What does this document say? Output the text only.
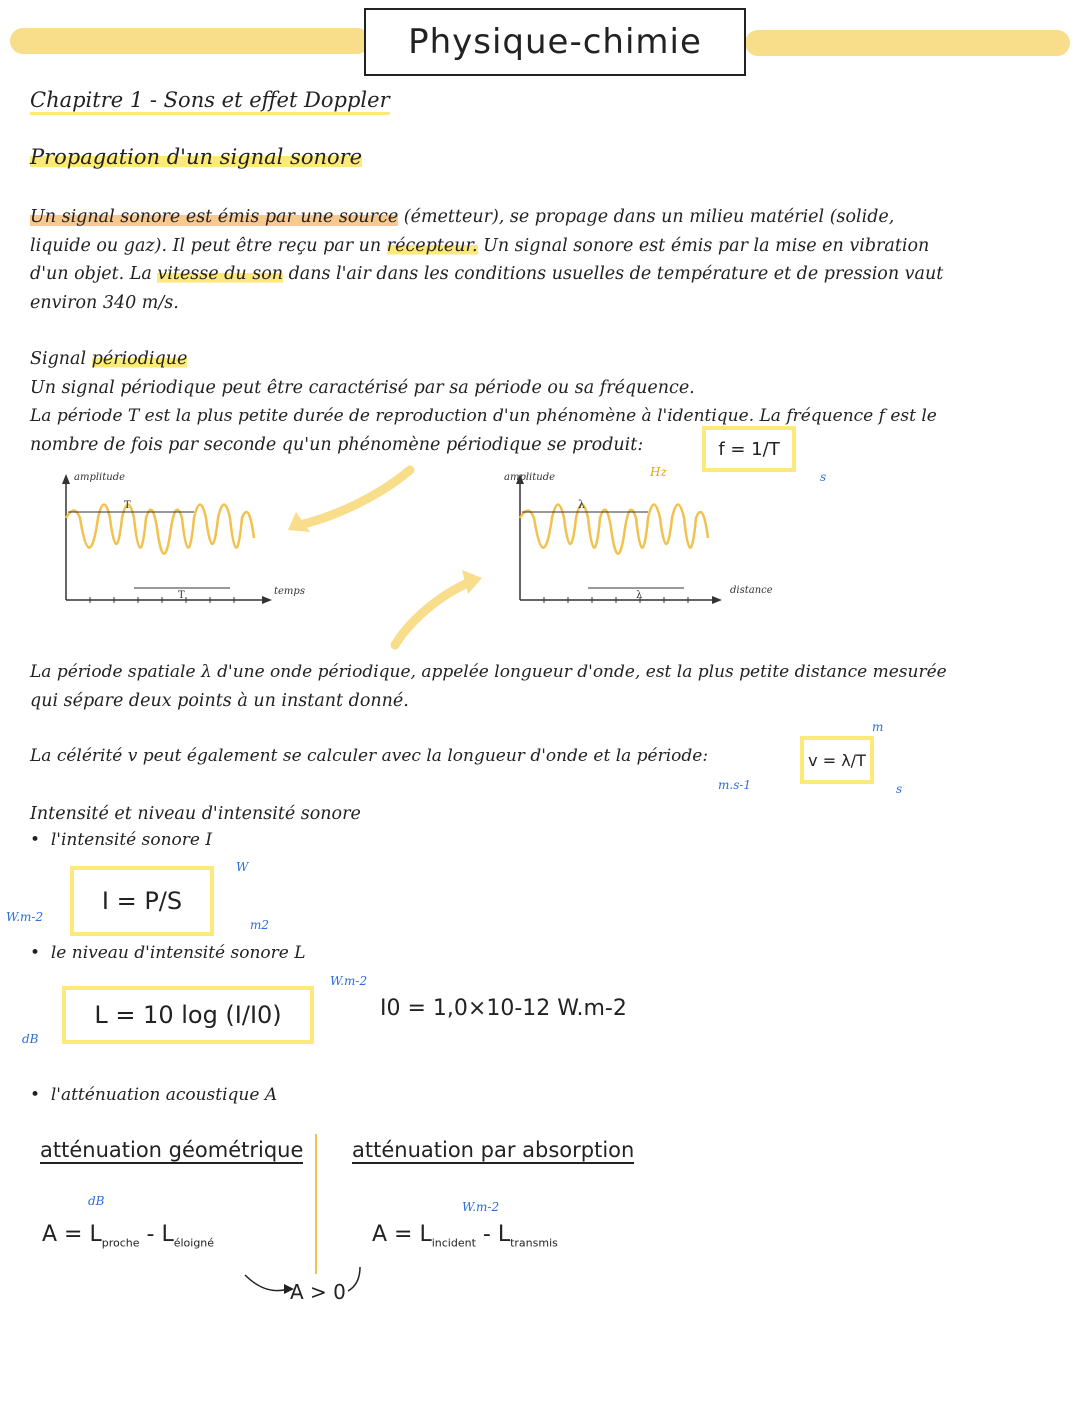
Physique-chimie
Chapitre 1 - Sons et effet Doppler
Propagation d'un signal sonore
Un signal sonore est émis par une source (émetteur), se propage dans un milieu matériel (solide,
liquide ou gaz). Il peut être reçu par un récepteur. Un signal sonore est émis par la mise en vibration
d'un objet. La vitesse du son dans l'air dans les conditions usuelles de température et de pression vaut
environ 340 m/s.
Signal périodique
Un signal périodique peut être caractérisé par sa période ou sa fréquence.
La période T est la plus petite durée de reproduction d'un phénomène à l'identique. La fréquence f est le
nombre de fois par seconde qu'un phénomène périodique se produit:	f = 1/T
Hz	s
amplitude
T
T	temps
amplitude
λ
λ	distance
La période spatiale λ d'une onde périodique, appelée longueur d'onde, est la plus petite distance mesurée
qui sépare deux points à un instant donné.
La célérité v peut également se calculer avec la longueur d'onde et la période:	v = λ/T
m.s-1
m
s
Intensité et niveau d'intensité sonore
•  l'intensité sonore I
I = P/S
W.m-2
W
m2
•  le niveau d'intensité sonore L
L = 10 log (I/I0)
dB
W.m-2
I0 = 1,0×10-12 W.m-2
•  l'atténuation acoustique A
atténuation géométrique atténuation par absorption
dB
$A = L_{proche} - L_{éloigné}$
W.m-2
$A = L_{incident} - L_{transmis}$
A > 0
